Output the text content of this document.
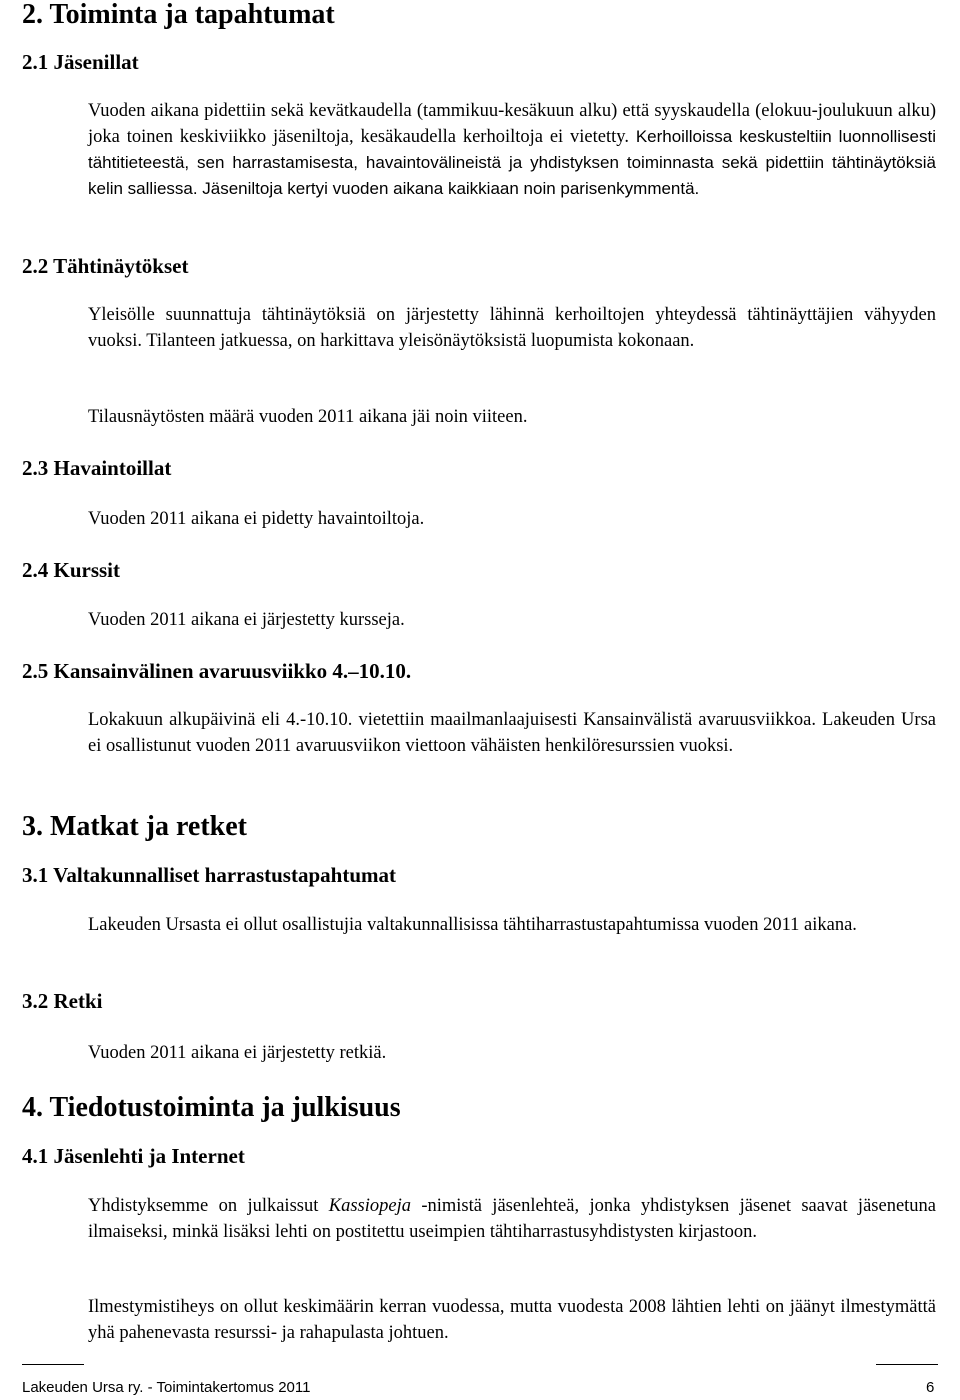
2. Toiminta ja tapahtumat
2.1 Jäsenillat

Vuoden aikana pidettiin sekä kevätkaudella (tammikuu-kesäkuun alku) että syyskaudella (elokuu-joulukuun alku) joka toinen keskiviikko jäseniltoja, kesäkaudella kerhoiltoja ei vietetty. Kerhoilloissa keskusteltiin luonnollisesti tähtitieteestä, sen harrastamisesta, havaintovälineistä ja yhdistyksen toiminnasta sekä pidettiin tähtinäytöksiä kelin salliessa. Jäseniltoja kertyi vuoden aikana kaikkiaan noin parisenkymmentä.

2.2 Tähtinäytökset

Yleisölle suunnattuja tähtinäytöksiä on järjestetty lähinnä kerhoiltojen yhteydessä tähtinäyttäjien vähyyden vuoksi. Tilanteen jatkuessa, on harkittava yleisönäytöksistä luopumista kokonaan.

Tilausnäytösten määrä vuoden 2011 aikana jäi noin viiteen.

2.3 Havaintoillat

Vuoden 2011 aikana ei pidetty havaintoiltoja.

2.4 Kurssit

Vuoden 2011 aikana ei järjestetty kursseja.

2.5 Kansainvälinen avaruusviikko 4.–10.10.

Lokakuun alkupäivinä eli 4.-10.10. vietettiin maailmanlaajuisesti Kansainvälistä avaruusviikkoa. Lakeuden Ursa ei osallistunut vuoden 2011 avaruusviikon viettoon vähäisten henkilöresurssien vuoksi.

3. Matkat ja retket
3.1 Valtakunnalliset harrastustapahtumat

Lakeuden Ursasta ei ollut osallistujia valtakunnallisissa tähtiharrastustapahtumissa vuoden 2011 aikana.

3.2 Retki

Vuoden 2011 aikana ei järjestetty retkiä.

4. Tiedotustoiminta ja julkisuus
4.1 Jäsenlehti ja Internet

Yhdistyksemme on julkaissut Kassiopeja -nimistä jäsenlehteä, jonka yhdistyksen jäsenet saavat jäsenetuna ilmaiseksi, minkä lisäksi lehti on postitettu useimpien tähtiharrastusyhdistysten kirjastoon.

Ilmestymistiheys on ollut keskimäärin kerran vuodessa, mutta vuodesta 2008 lähtien lehti on jäänyt ilmestymättä yhä pahenevasta resurssi- ja rahapulasta johtuen.

Lakeuden Ursa ry. - Toimintakertomus 2011	6
